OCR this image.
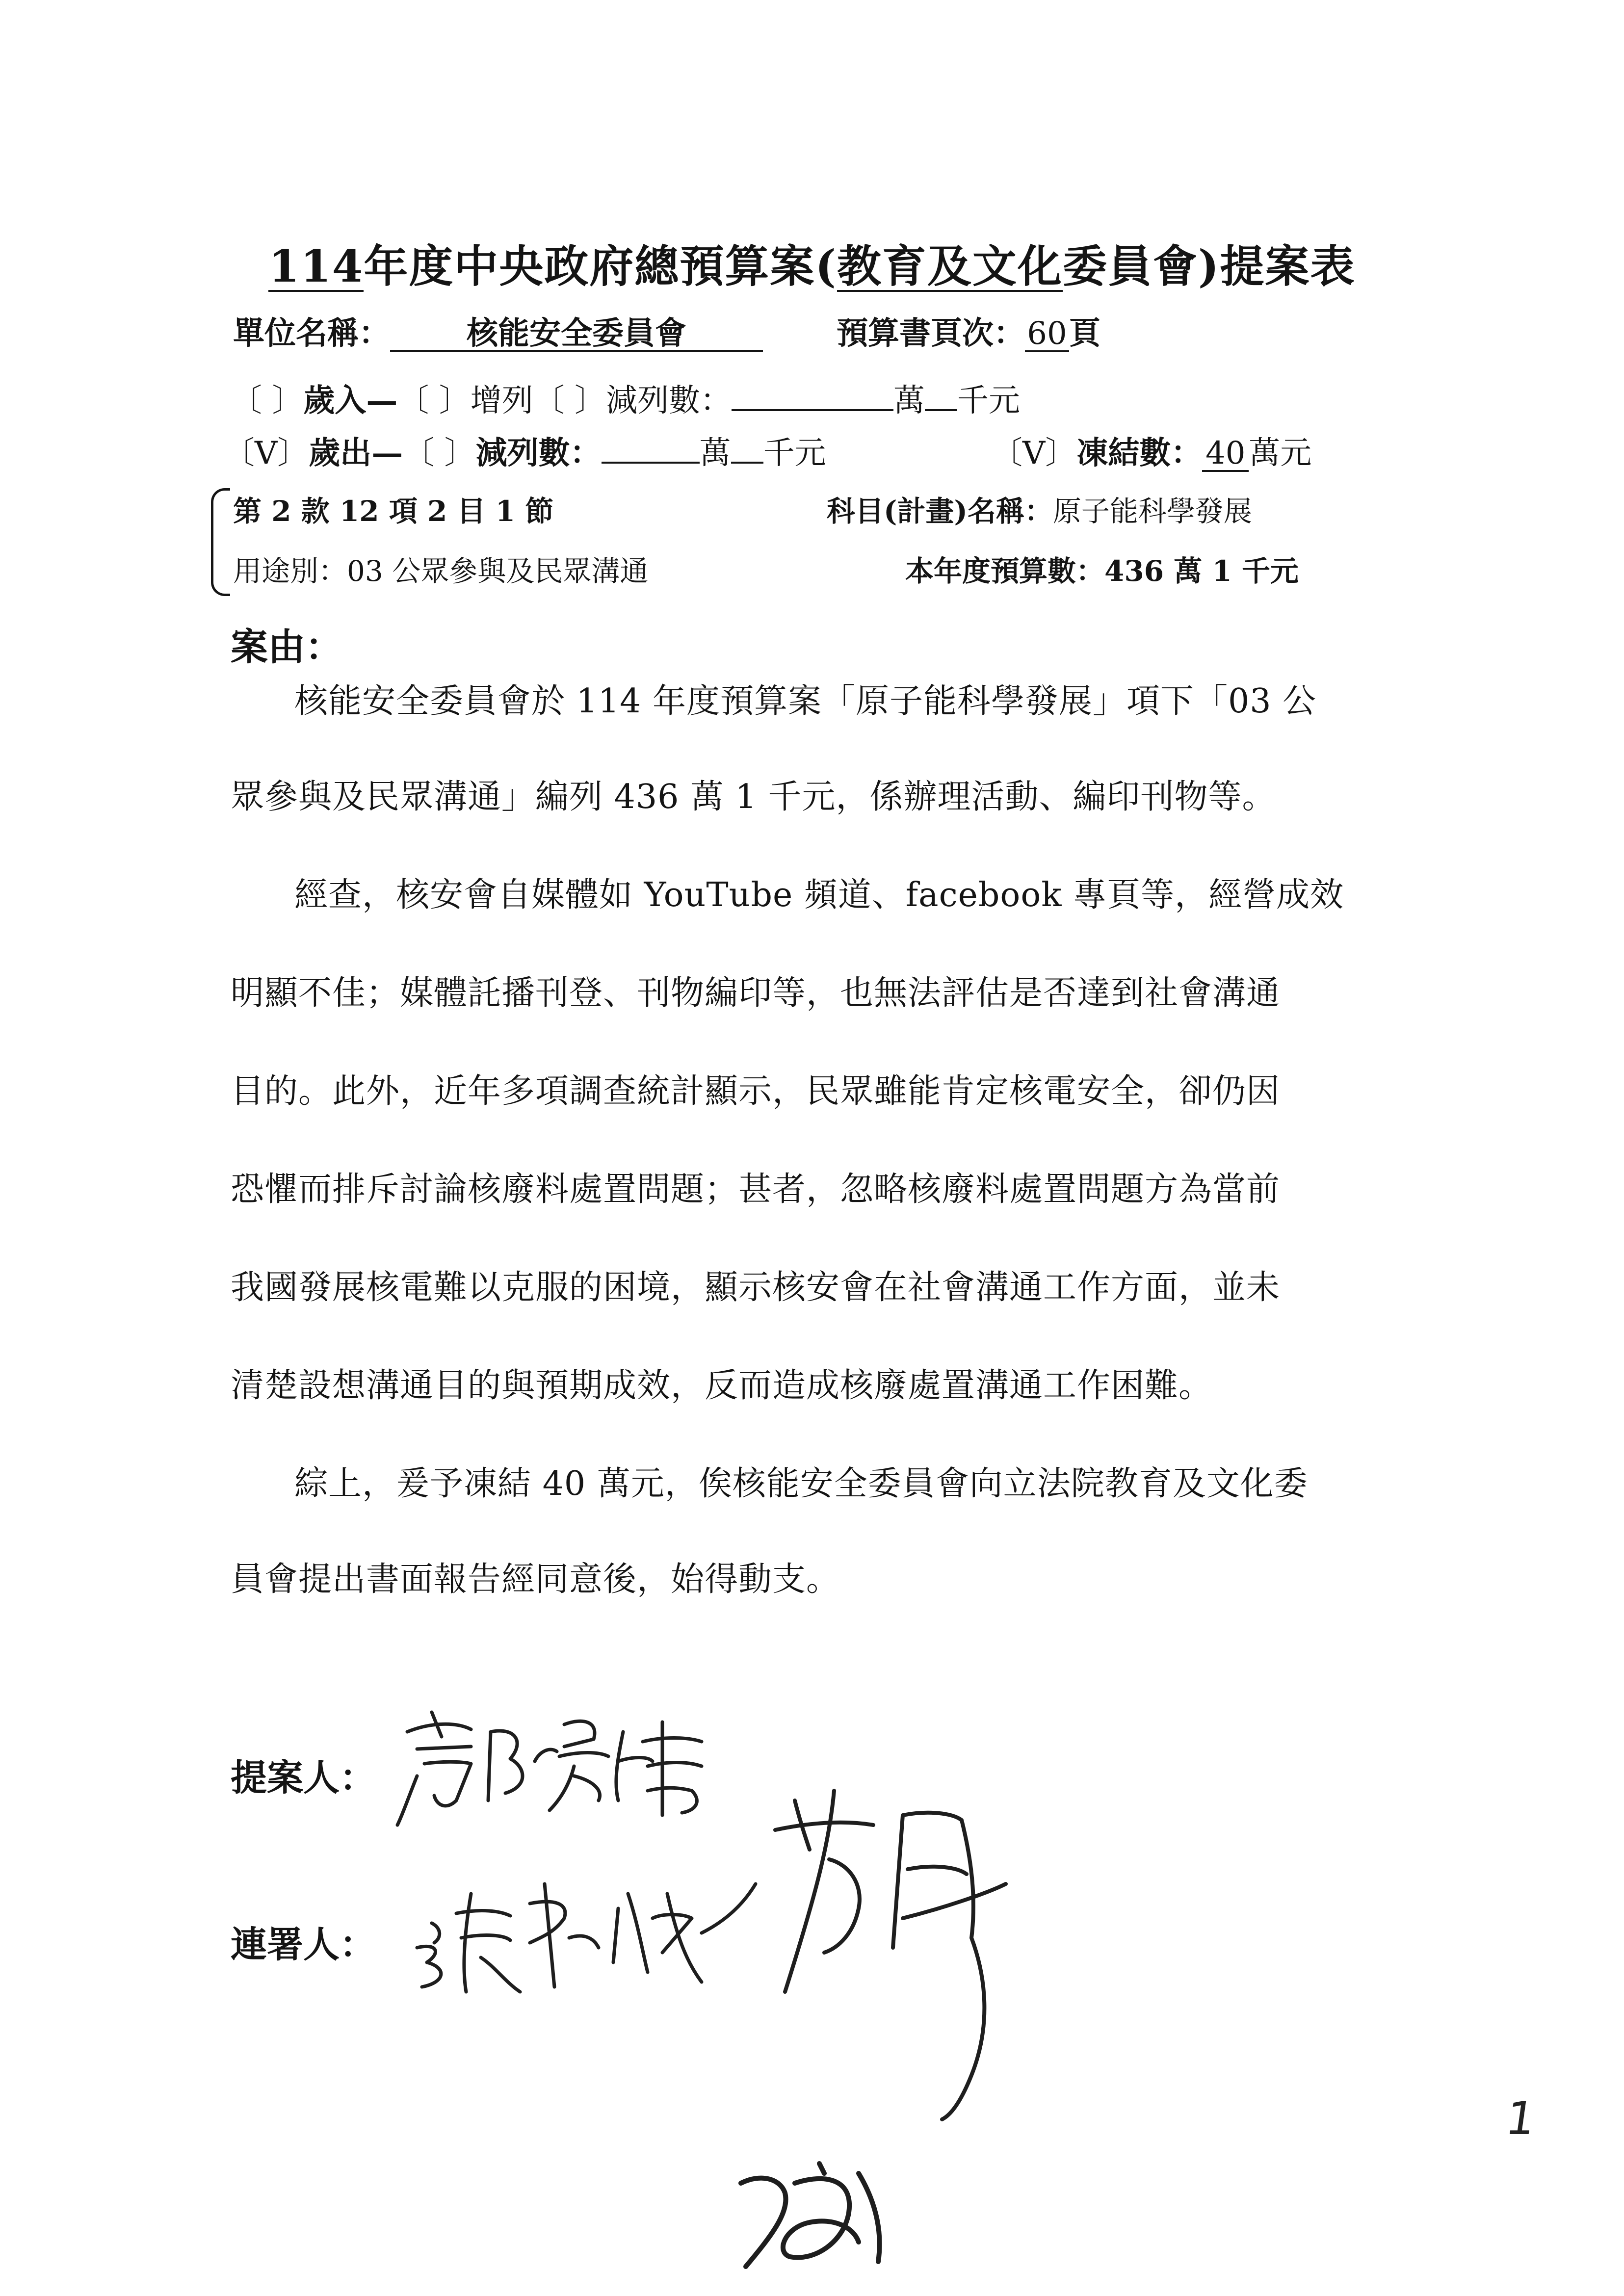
114年度中央政府總預算案(教育及文化委員會)提案表
單位名稱： 核能安全委員會	預算書頁次：60頁
〔 〕歲入—〔 〕增列〔 〕減列數：	萬 千元
〔V〕歲出—〔 〕減列數：	萬 千元	〔V〕凍結數： 40 萬元
第 2 款 12 項 2 目 1 節	科目(計畫)名稱：原子能科學發展
用途別：03 公眾參與及民眾溝通	本年度預算數：436 萬 1 千元
案由：
核能安全委員會於 114 年度預算案「原子能科學發展」項下「03 公
眾參與及民眾溝通」編列 436 萬 1 千元，係辦理活動、編印刊物等。
經查，核安會自媒體如 YouTube 頻道、facebook 專頁等，經營成效
明顯不佳；媒體託播刊登、刊物編印等，也無法評估是否達到社會溝通
目的。此外，近年多項調查統計顯示，民眾雖能肯定核電安全，卻仍因
恐懼而排斥討論核廢料處置問題；甚者，忽略核廢料處置問題方為當前
我國發展核電難以克服的困境，顯示核安會在社會溝通工作方面，並未
清楚設想溝通目的與預期成效，反而造成核廢處置溝通工作困難。
綜上，爰予凍結 40 萬元，俟核能安全委員會向立法院教育及文化委
員會提出書面報告經同意後，始得動支。
提案人：
連署人：
1
